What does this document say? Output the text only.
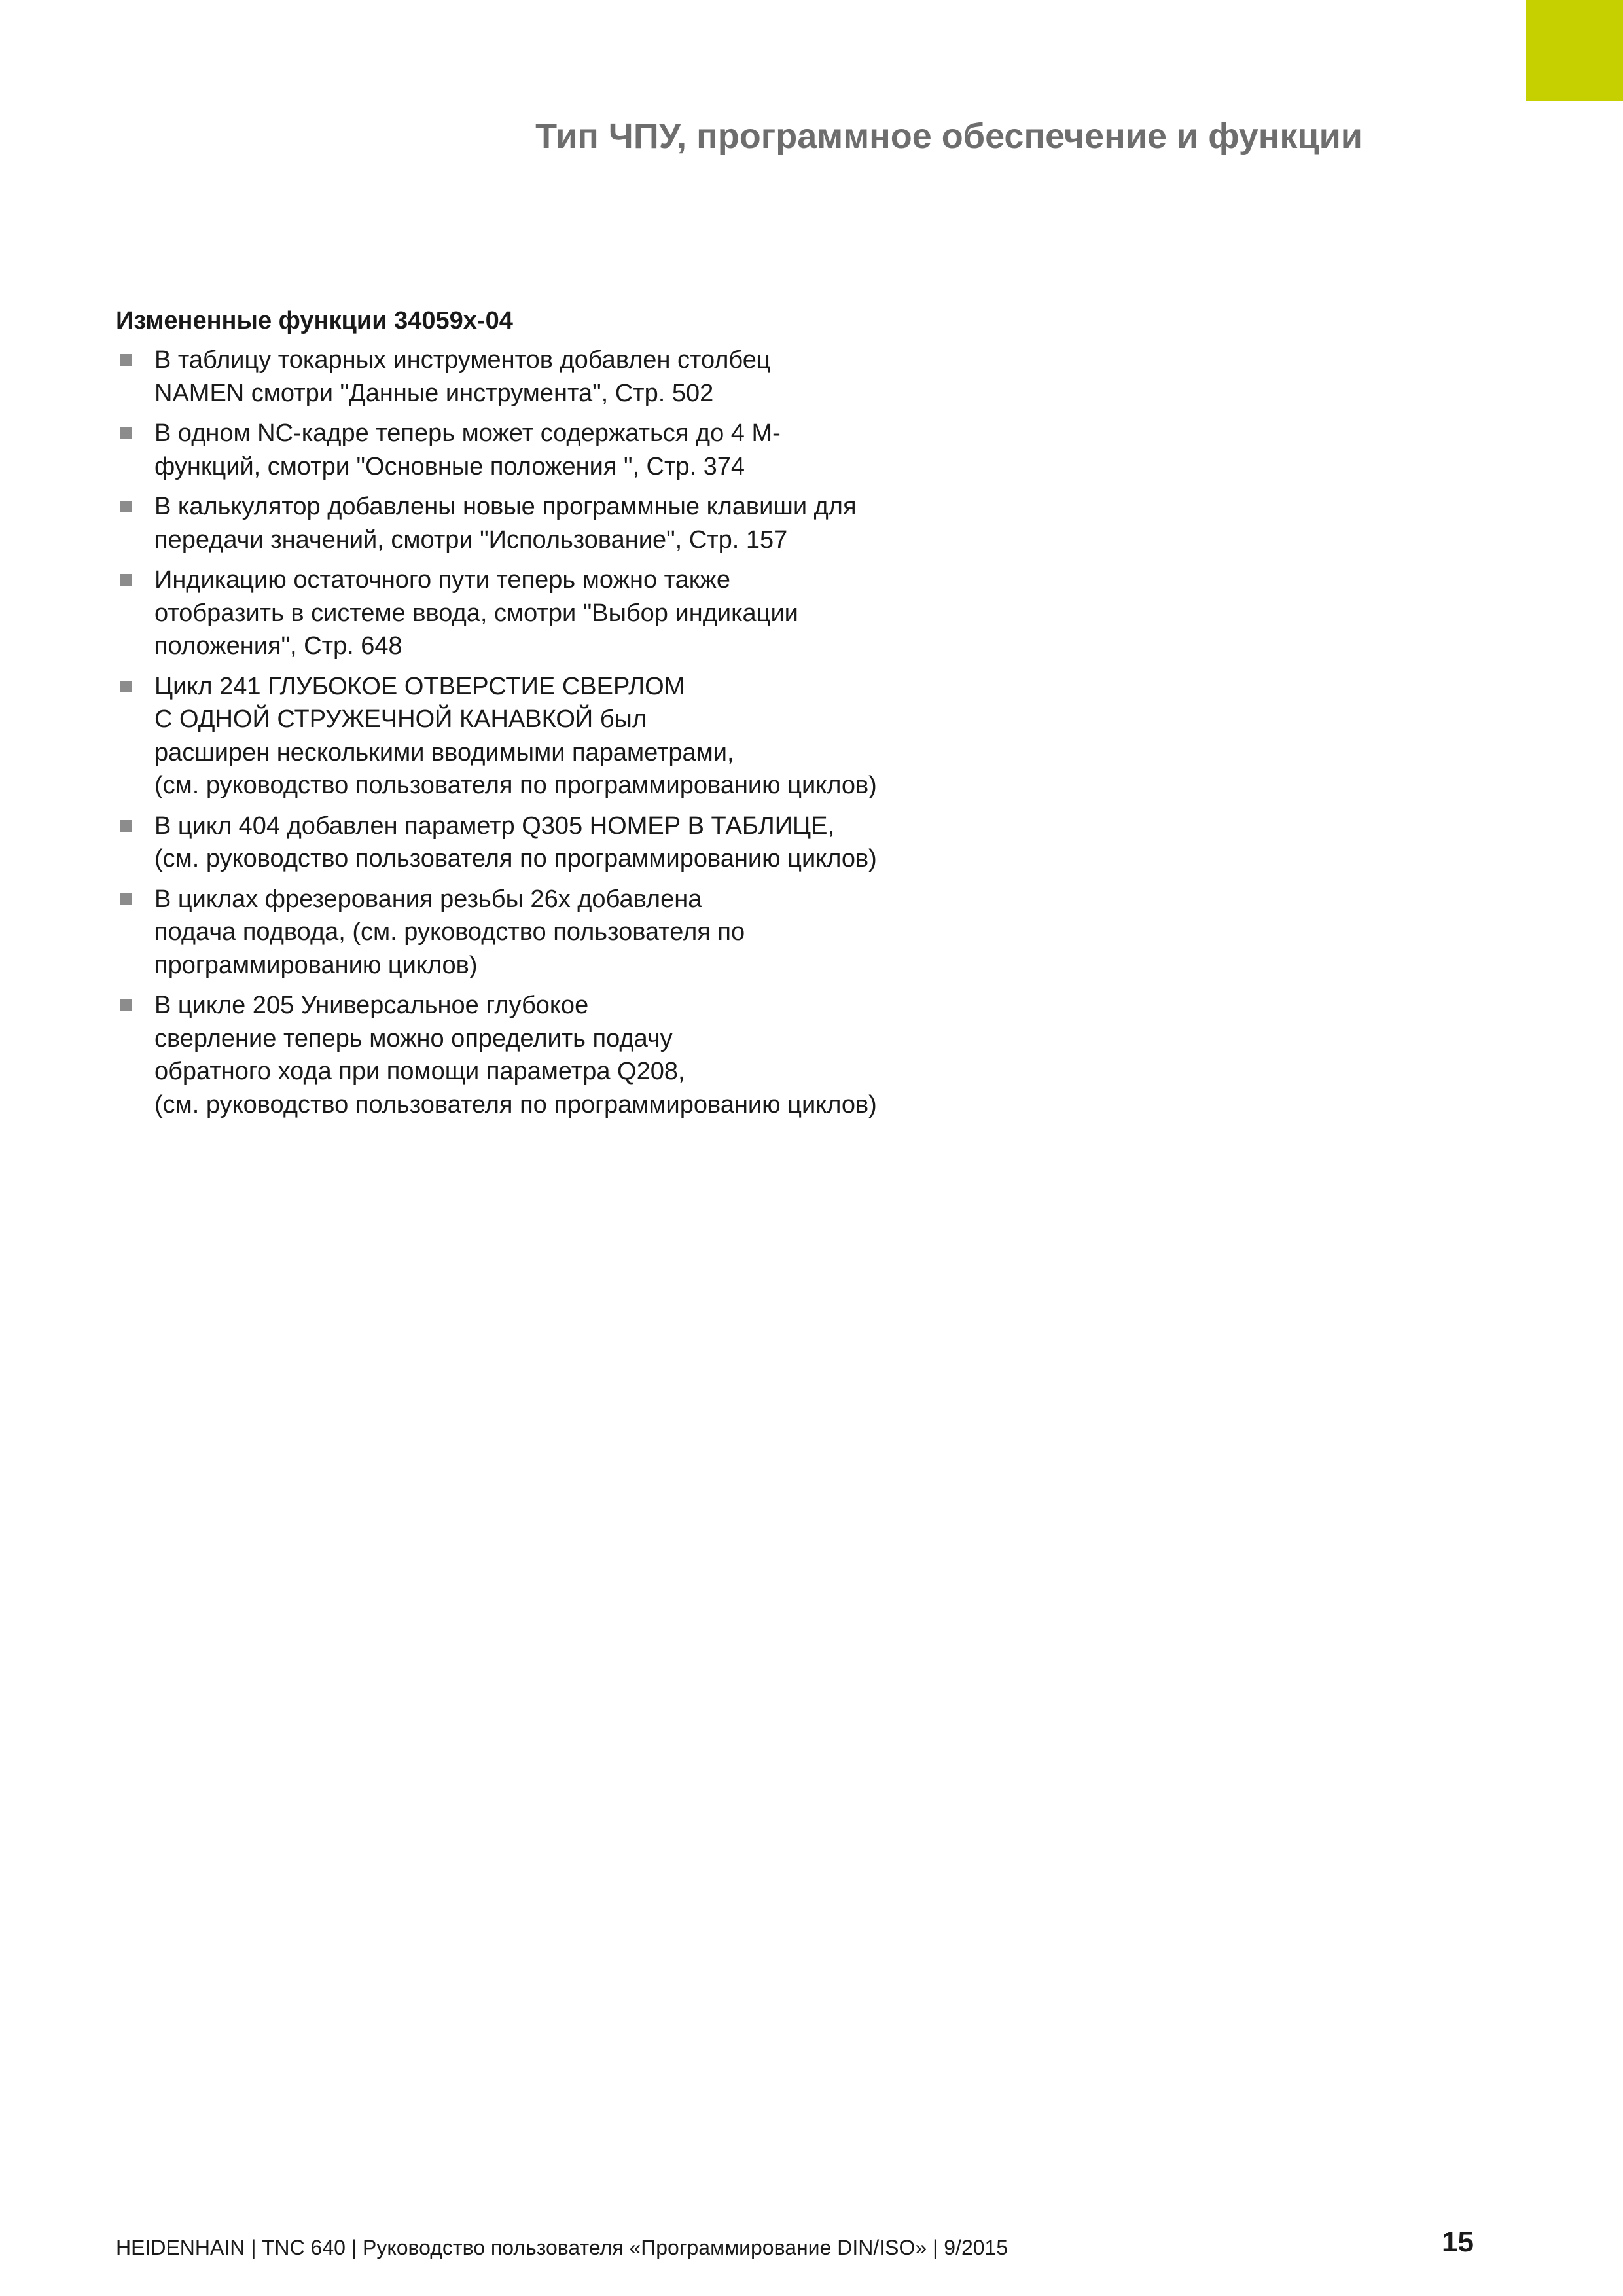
Тип ЧПУ, программное обеспечение и функции
Измененные функции 34059x-04
В таблицу токарных инструментов добавлен столбец
NAMEN смотри "Данные инструмента", Стр. 502
В одном NC-кадре теперь может содержаться до 4 M-
функций, смотри "Основные положения ", Стр. 374
В калькулятор добавлены новые программные клавиши для
передачи значений, смотри "Использование", Стр. 157
Индикацию остаточного пути теперь можно также
отобразить в системе ввода, смотри "Выбор индикации
положения", Стр. 648
Цикл 241 ГЛУБОКОЕ ОТВЕРСТИЕ СВЕРЛОМ
С ОДНОЙ СТРУЖЕЧНОЙ КАНАВКОЙ был
расширен несколькими вводимыми параметрами,
(см. руководство пользователя по программированию циклов)
В цикл 404 добавлен параметр Q305 НОМЕР В ТАБЛИЦЕ,
(см. руководство пользователя по программированию циклов)
В циклах фрезерования резьбы 26x добавлена
подача подвода, (см. руководство пользователя по
программированию циклов)
В цикле 205 Универсальное глубокое
сверление теперь можно определить подачу
обратного хода при помощи параметра Q208,
(см. руководство пользователя по программированию циклов)
HEIDENHAIN | TNC 640 | Руководство пользователя «Программирование DIN/ISO» | 9/2015	15
